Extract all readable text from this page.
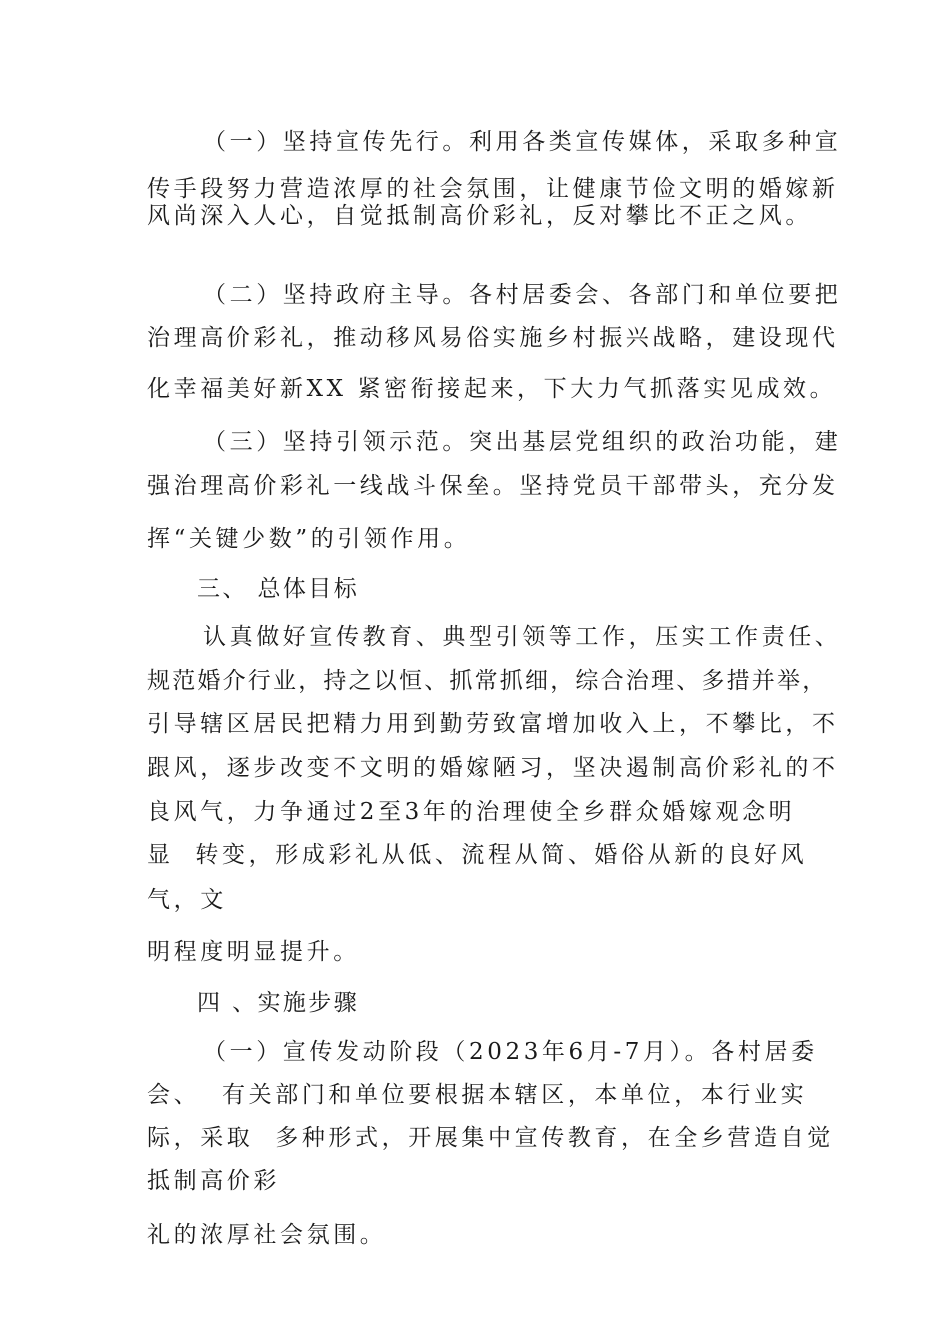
（一）坚持宣传先行。利用各类宣传媒体，采取多种宣
传手段努力营造浓厚的社会氛围，让健康节俭文明的婚嫁新
风尚深入人心，自觉抵制高价彩礼，反对攀比不正之风。
（二）坚持政府主导。各村居委会、各部门和单位要把
治理高价彩礼，推动移风易俗实施乡村振兴战略，建设现代
化幸福美好新XX 紧密衔接起来，下大力气抓落实见成效。
（三）坚持引领示范。突出基层党组织的政治功能，建
强治理高价彩礼一线战斗保垒。坚持党员干部带头，充分发
挥“关键少数”的引领作用。
三、 总体目标
认真做好宣传教育、典型引领等工作，压实工作责任、
规范婚介行业，持之以恒、抓常抓细，综合治理、多措并举，
引导辖区居民把精力用到勤劳致富增加收入上，不攀比，不
跟风，逐步改变不文明的婚嫁陋习，坚决遏制高价彩礼的不
良风气，力争通过2至3年的治理使全乡群众婚嫁观念明
显  转变，形成彩礼从低、流程从简、婚俗从新的良好风
气，文
明程度明显提升。
四 、实施步骤
（一）宣传发动阶段（2023年6月-7月）。各村居委
会、  有关部门和单位要根据本辖区，本单位，本行业实
际，采取  多种形式，开展集中宣传教育，在全乡营造自觉
抵制高价彩
礼的浓厚社会氛围。
